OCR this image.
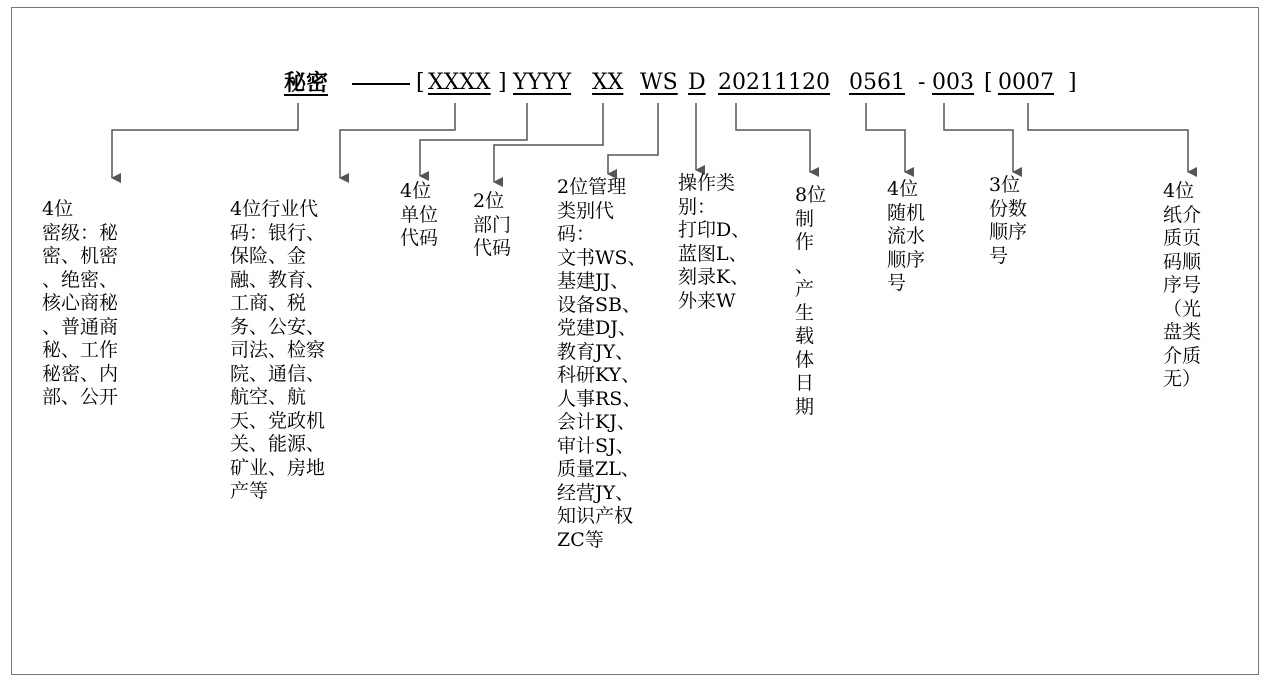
秘密	[ XXXX ] YYYY XX WS D 20211120 0561 - 003 [ 0007 ]
4位
密级：秘
密、机密
、绝密、
核心商秘
、普通商
秘、工作
秘密、内
部、公开
4位行业代
码：银行、
保险、金
融、教育、
工商、税
务、公安、
司法、检察
院、通信、
航空、航
天、党政机
关、能源、
矿业、房地
产等
4位
单位
代码
2位
部门
代码
2位管理
类别代
码：
文书WS、
基建JJ、
设备SB、
党建DJ、
教育JY、
科研KY、
人事RS、
会计KJ、
审计SJ、
质量ZL、
经营JY、
知识产权
ZC等
操作类
别：
打印D、
蓝图L、
刻录K、
外来W
8位
制
作
、
产
生
载
体
日
期
4位
随机
流水
顺序
号
3位
份数
顺序
号
4位
纸介
质页
码顺
序号
（光
盘类
介质
无）
